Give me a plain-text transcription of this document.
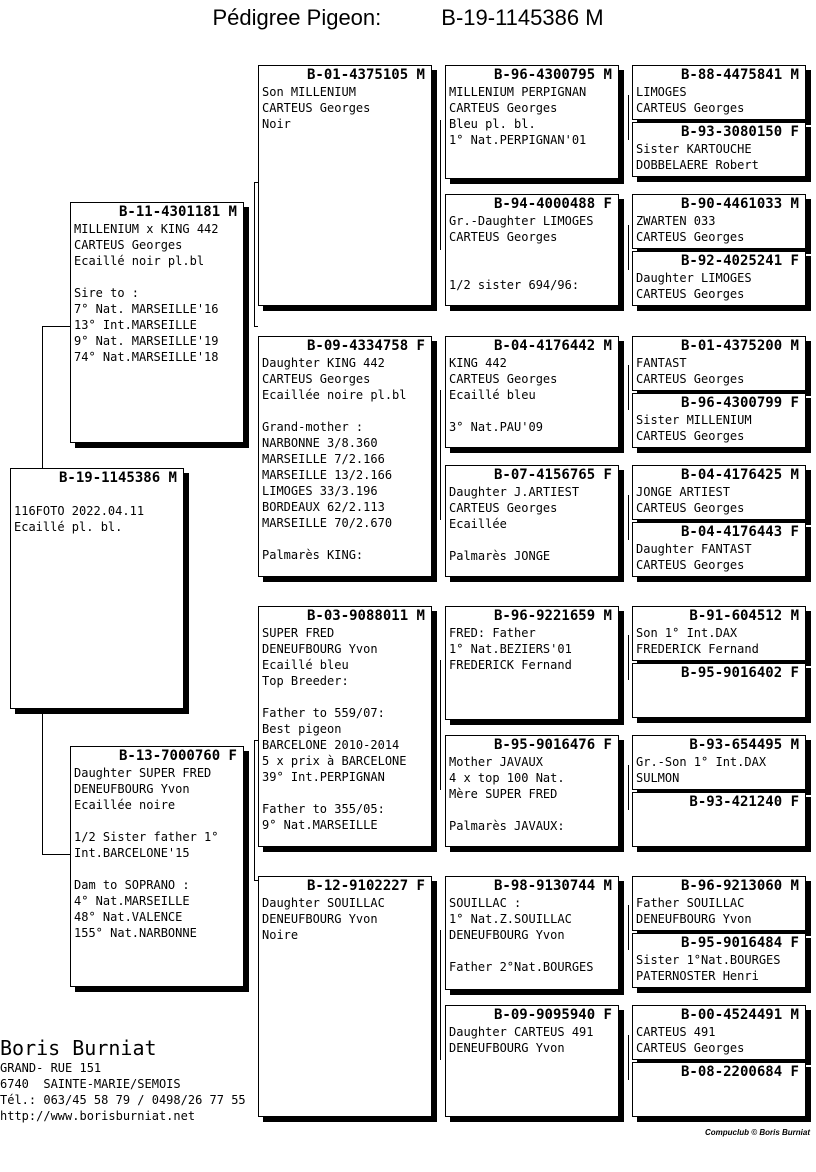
Pédigree Pigeon:	B-19-1145386 M
B-19-1145386 M

116FOTO 2022.04.11
Ecaillé pl. bl.
B-11-4301181 M
MILLENIUM x KING 442
CARTEUS Georges
Ecaillé noir pl.bl

Sire to :
7° Nat. MARSEILLE'16
13° Int.MARSEILLE
9° Nat. MARSEILLE'19
74° Nat.MARSEILLE'18
B-13-7000760 F
Daughter SUPER FRED
DENEUFBOURG Yvon
Ecaillée noire

1/2 Sister father 1°
Int.BARCELONE'15

Dam to SOPRANO :
4° Nat.MARSEILLE
48° Nat.VALENCE
155° Nat.NARBONNE
B-01-4375105 M
Son MILLENIUM
CARTEUS Georges
Noir
B-09-4334758 F
Daughter KING 442
CARTEUS Georges
Ecaillée noire pl.bl

Grand-mother :
NARBONNE 3/8.360
MARSEILLE 7/2.166
MARSEILLE 13/2.166
LIMOGES 33/3.196
BORDEAUX 62/2.113
MARSEILLE 70/2.670

Palmarès KING:
B-03-9088011 M
SUPER FRED
DENEUFBOURG Yvon
Ecaillé bleu
Top Breeder:

Father to 559/07:
Best pigeon
BARCELONE 2010-2014
5 x prix à BARCELONE
39° Int.PERPIGNAN

Father to 355/05:
9° Nat.MARSEILLE
B-12-9102227 F
Daughter SOUILLAC
DENEUFBOURG Yvon
Noire
B-96-4300795 M
MILLENIUM PERPIGNAN
CARTEUS Georges
Bleu pl. bl.
1° Nat.PERPIGNAN'01
B-94-4000488 F
Gr.-Daughter LIMOGES
CARTEUS Georges

1/2 sister 694/96:
B-04-4176442 M
KING 442
CARTEUS Georges
Ecaillé bleu

3° Nat.PAU'09
B-07-4156765 F
Daughter J.ARTIEST
CARTEUS Georges
Ecaillée

Palmarès JONGE
B-96-9221659 M
FRED: Father
1° Nat.BEZIERS'01
FREDERICK Fernand
B-95-9016476 F
Mother JAVAUX
4 x top 100 Nat.
Mère SUPER FRED

Palmarès JAVAUX:
B-98-9130744 M
SOUILLAC :
1° Nat.Z.SOUILLAC
DENEUFBOURG Yvon

Father 2°Nat.BOURGES
B-09-9095940 F
Daughter CARTEUS 491
DENEUFBOURG Yvon
B-88-4475841 M
LIMOGES
CARTEUS Georges
B-93-3080150 F
Sister KARTOUCHE
DOBBELAERE Robert
B-90-4461033 M
ZWARTEN 033
CARTEUS Georges
B-92-4025241 F
Daughter LIMOGES
CARTEUS Georges
B-01-4375200 M
FANTAST
CARTEUS Georges
B-96-4300799 F
Sister MILLENIUM
CARTEUS Georges
B-04-4176425 M
JONGE ARTIEST
CARTEUS Georges
B-04-4176443 F
Daughter FANTAST
CARTEUS Georges
B-91-604512 M
Son 1° Int.DAX
FREDERICK Fernand
B-95-9016402 F
B-93-654495 M
Gr.-Son 1° Int.DAX
SULMON
B-93-421240 F
B-96-9213060 M
Father SOUILLAC
DENEUFBOURG Yvon
B-95-9016484 F
Sister 1°Nat.BOURGES
PATERNOSTER Henri
B-00-4524491 M
CARTEUS 491
CARTEUS Georges
B-08-2200684 F
Boris Burniat
GRAND- RUE 151
6740  SAINTE-MARIE/SEMOIS
Tél.: 063/45 58 79 / 0498/26 77 55
http://www.borisburniat.net
Compuclub © Boris Burniat
